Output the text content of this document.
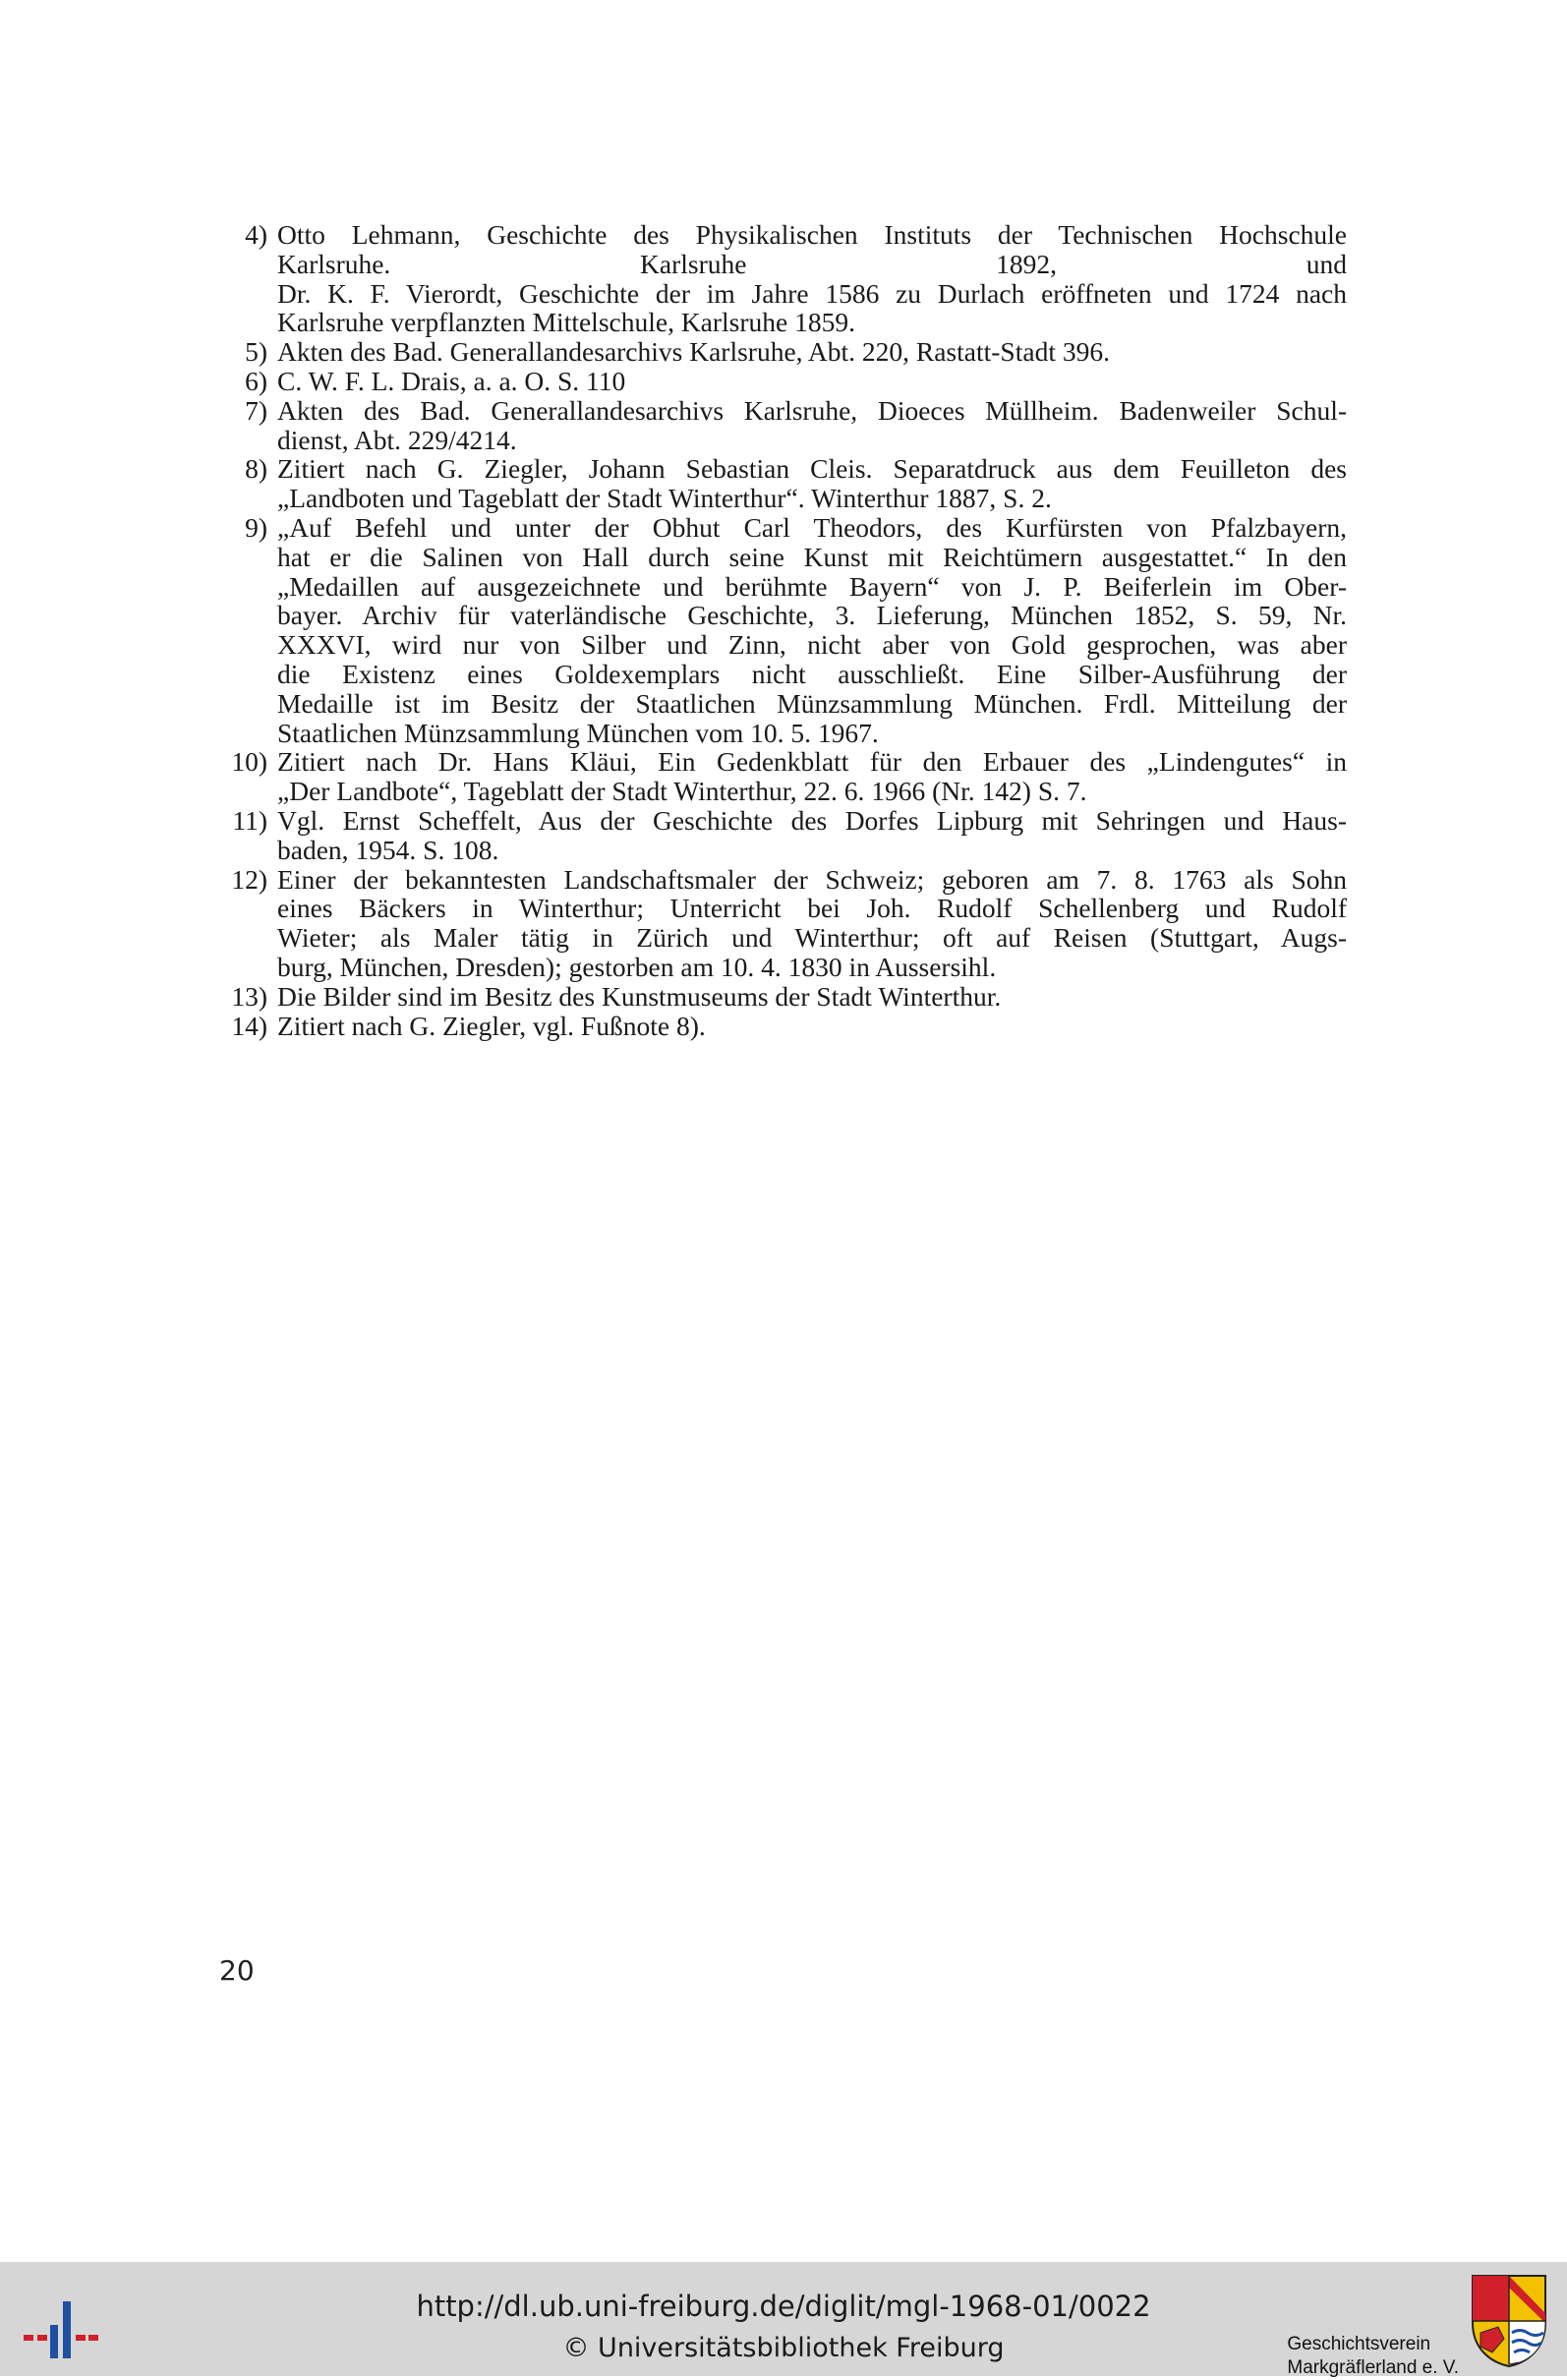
4) Otto Lehmann, Geschichte des Physikalischen Instituts der Technischen Hochschule
Karlsruhe. Karlsruhe 1892, und
Dr. K. F. Vierordt, Geschichte der im Jahre 1586 zu Durlach eröffneten und 1724 nach
Karlsruhe verpflanzten Mittelschule, Karlsruhe 1859.
5) Akten des Bad. Generallandesarchivs Karlsruhe, Abt. 220, Rastatt-Stadt 396.
6) C. W. F. L. Drais, a. a. O. S. 110
7) Akten des Bad. Generallandesarchivs Karlsruhe, Dioeces Müllheim. Badenweiler Schul-
dienst, Abt. 229/4214.
8) Zitiert nach G. Ziegler, Johann Sebastian Cleis. Separatdruck aus dem Feuilleton des
„Landboten und Tageblatt der Stadt Winterthur“. Winterthur 1887, S. 2.
9) „Auf Befehl und unter der Obhut Carl Theodors, des Kurfürsten von Pfalzbayern,
hat er die Salinen von Hall durch seine Kunst mit Reichtümern ausgestattet.“ In den
„Medaillen auf ausgezeichnete und berühmte Bayern“ von J. P. Beiferlein im Ober-
bayer. Archiv für vaterländische Geschichte, 3. Lieferung, München 1852, S. 59, Nr.
XXXVI, wird nur von Silber und Zinn, nicht aber von Gold gesprochen, was aber
die Existenz eines Goldexemplars nicht ausschließt. Eine Silber-Ausführung der
Medaille ist im Besitz der Staatlichen Münzsammlung München. Frdl. Mitteilung der
Staatlichen Münzsammlung München vom 10. 5. 1967.
10) Zitiert nach Dr. Hans Kläui, Ein Gedenkblatt für den Erbauer des „Lindengutes“ in
„Der Landbote“, Tageblatt der Stadt Winterthur, 22. 6. 1966 (Nr. 142) S. 7.
11) Vgl. Ernst Scheffelt, Aus der Geschichte des Dorfes Lipburg mit Sehringen und Haus-
baden, 1954. S. 108.
12) Einer der bekanntesten Landschaftsmaler der Schweiz; geboren am 7. 8. 1763 als Sohn
eines Bäckers in Winterthur; Unterricht bei Joh. Rudolf Schellenberg und Rudolf
Wieter; als Maler tätig in Zürich und Winterthur; oft auf Reisen (Stuttgart, Augs-
burg, München, Dresden); gestorben am 10. 4. 1830 in Aussersihl.
13) Die Bilder sind im Besitz des Kunstmuseums der Stadt Winterthur.
14) Zitiert nach G. Ziegler, vgl. Fußnote 8).
20
http://dl.ub.uni-freiburg.de/diglit/mgl-1968-01/0022
© Universitätsbibliothek Freiburg	Geschichtsverein
Markgräflerland e. V.
